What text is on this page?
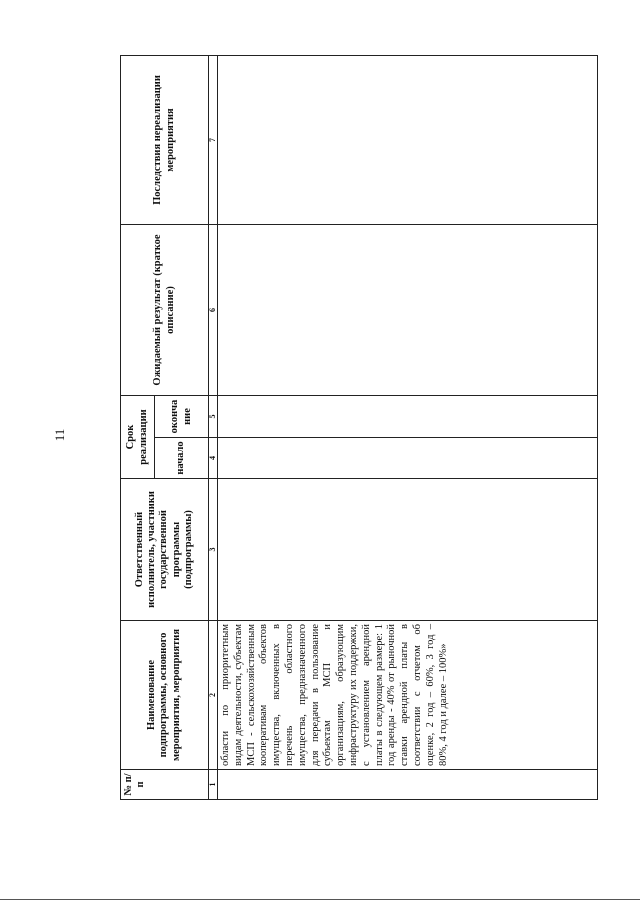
11
№ п/п	Наименование подпрограммы, основного мероприятия, мероприятия	Ответственный исполнитель, участники государственной программы (подпрограммы)	Срок реализации		Ожидаемый результат (краткое описание)	Последствия нереализации мероприятия
			начало	оконча ние		
1	2	3	4	5	6	7
	области по приоритетным видам деятельности, субъектам МСП - сельскохозяйственным кооперативам объектов имущества, включенных в перечень областного имущества, предназначенного для передачи в пользование субъектам МСП и организациям, образующим инфраструктуру их поддержки, с установлением арендной платы в следующем размере: 1 год аренды - 40% от рыночной ставки арендной платы в соответствии с отчетом об оценке, 2 год – 60%, 3 год – 80%, 4 год и далее – 100%»					
